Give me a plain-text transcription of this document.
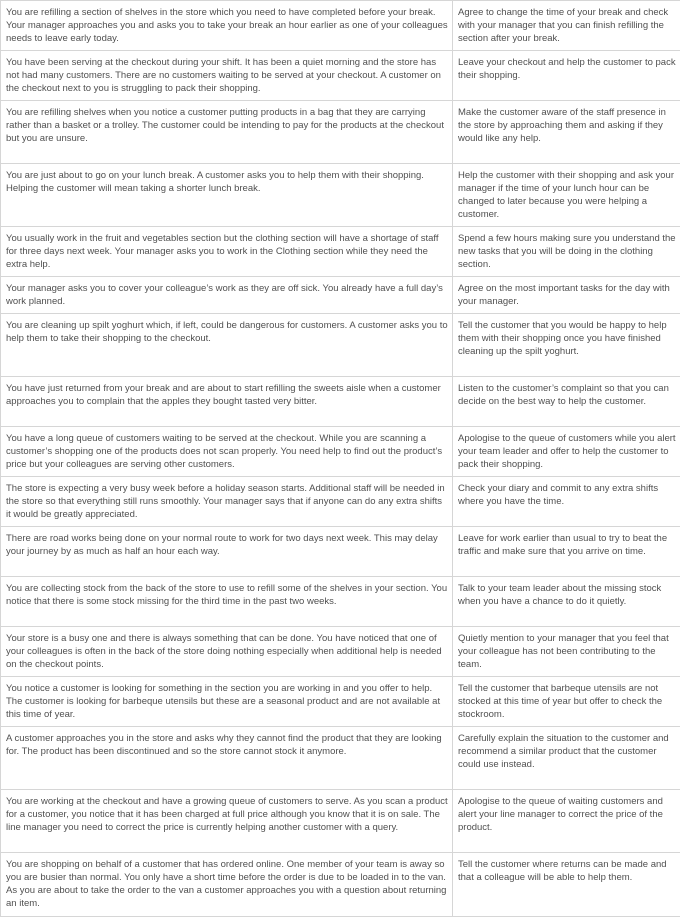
You are refilling a section of shelves in the store which you need to have completed before your break. Your manager approaches you and asks you to take your break an hour earlier as one of your colleagues needs to leave early today.	Agree to change the time of your break and check with your manager that you can finish refilling the section after your break.
You have been serving at the checkout during your shift. It has been a quiet morning and the store has not had many customers. There are no customers waiting to be served at your checkout. A customer on the checkout next to you is struggling to pack their shopping.	Leave your checkout and help the customer to pack their shopping.
You are refilling shelves when you notice a customer putting products in a bag that they are carrying rather than a basket or a trolley. The customer could be intending to pay for the products at the checkout but you are unsure.	Make the customer aware of the staff presence in the store by approaching them and asking if they would like any help.
You are just about to go on your lunch break. A customer asks you to help them with their shopping. Helping the customer will mean taking a shorter lunch break.	Help the customer with their shopping and ask your manager if the time of your lunch hour can be changed to later because you were helping a customer.
You usually work in the fruit and vegetables section but the clothing section will have a shortage of staff for three days next week. Your manager asks you to work in the Clothing section while they need the extra help.	Spend a few hours making sure you understand the new tasks that you will be doing in the clothing section.
Your manager asks you to cover your colleague’s work as they are off sick. You already have a full day’s work planned.	Agree on the most important tasks for the day with your manager.
You are cleaning up spilt yoghurt which, if left, could be dangerous for customers. A customer asks you to help them to take their shopping to the checkout.	Tell the customer that you would be happy to help them with their shopping once you have finished cleaning up the spilt yoghurt.
You have just returned from your break and are about to start refilling the sweets aisle when a customer approaches you to complain that the apples they bought tasted very bitter.	Listen to the customer’s complaint so that you can decide on the best way to help the customer.
You have a long queue of customers waiting to be served at the checkout. While you are scanning a customer’s shopping one of the products does not scan properly. You need help to find out the product’s price but your colleagues are serving other customers.	Apologise to the queue of customers while you alert your team leader and offer to help the customer to pack their shopping.
The store is expecting a very busy week before a holiday season starts. Additional staff will be needed in the store so that everything still runs smoothly. Your manager says that if anyone can do any extra shifts it would be greatly appreciated.	Check your diary and commit to any extra shifts where you have the time.
There are road works being done on your normal route to work for two days next week. This may delay your journey by as much as half an hour each way.	Leave for work earlier than usual to try to beat the traffic and make sure that you arrive on time.
You are collecting stock from the back of the store to use to refill some of the shelves in your section. You notice that there is some stock missing for the third time in the past two weeks.	Talk to your team leader about the missing stock when you have a chance to do it quietly.
Your store is a busy one and there is always something that can be done. You have noticed that one of your colleagues is often in the back of the store doing nothing especially when additional help is needed on the checkout points.	Quietly mention to your manager that you feel that your colleague has not been contributing to the team.
You notice a customer is looking for something in the section you are working in and you offer to help. The customer is looking for barbeque utensils but these are a seasonal product and are not available at this time of year.	Tell the customer that barbeque utensils are not stocked at this time of year but offer to check the stockroom.
A customer approaches you in the store and asks why they cannot find the product that they are looking for. The product has been discontinued and so the store cannot stock it anymore.	Carefully explain the situation to the customer and recommend a similar product that the customer could use instead.
You are working at the checkout and have a growing queue of customers to serve. As you scan a product for a customer, you notice that it has been charged at full price although you know that it is on sale. The line manager you need to correct the price is currently helping another customer with a query.	Apologise to the queue of waiting customers and alert your line manager to correct the price of the product.
You are shopping on behalf of a customer that has ordered online. One member of your team is away so you are busier than normal. You only have a short time before the order is due to be loaded in to the van. As you are about to take the order to the van a customer approaches you with a question about returning an item.	Tell the customer where returns can be made and that a colleague will be able to help them.
